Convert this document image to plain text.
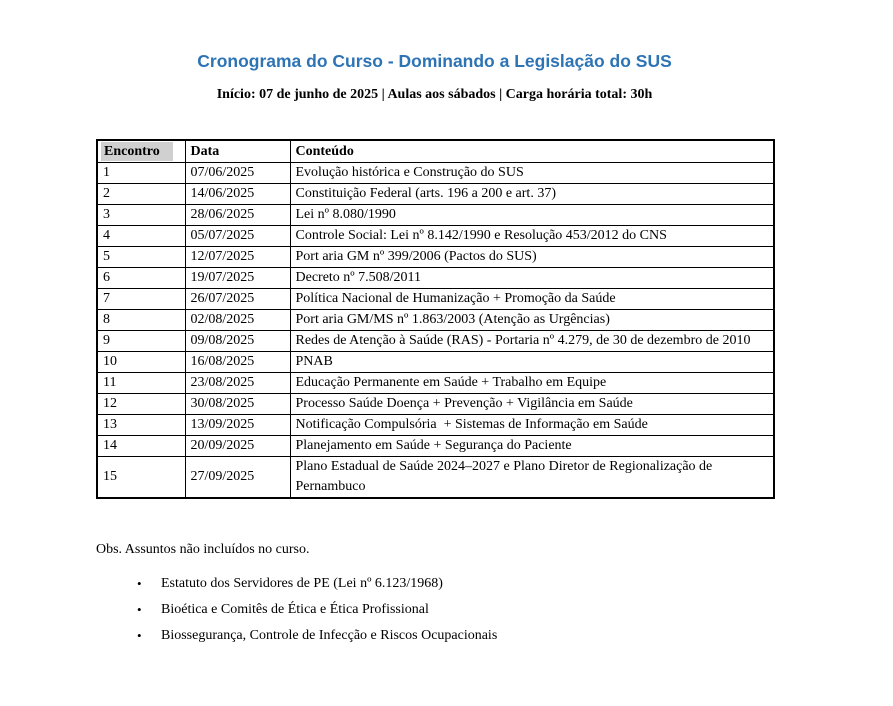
Cronograma do Curso - Dominando a Legislação do SUS

Início: 07 de junho de 2025 | Aulas aos sábados | Carga horária total: 30h

Encontro	Data	Conteúdo
1	07/06/2025	Evolução histórica e Construção do SUS
2	14/06/2025	Constituição Federal (arts. 196 a 200 e art. 37)
3	28/06/2025	Lei nº 8.080/1990
4	05/07/2025	Controle Social: Lei nº 8.142/1990 e Resolução 453/2012 do CNS
5	12/07/2025	Port aria GM nº 399/2006 (Pactos do SUS)
6	19/07/2025	Decreto nº 7.508/2011
7	26/07/2025	Política Nacional de Humanização + Promoção da Saúde
8	02/08/2025	Port aria GM/MS nº 1.863/2003 (Atenção as Urgências)
9	09/08/2025	Redes de Atenção à Saúde (RAS) - Portaria nº 4.279, de 30 de dezembro de 2010
10	16/08/2025	PNAB
11	23/08/2025	Educação Permanente em Saúde + Trabalho em Equipe
12	30/08/2025	Processo Saúde Doença + Prevenção + Vigilância em Saúde
13	13/09/2025	Notificação Compulsória  + Sistemas de Informação em Saúde
14	20/09/2025	Planejamento em Saúde + Segurança do Paciente
15	27/09/2025	Plano Estadual de Saúde 2024–2027 e Plano Diretor de Regionalização de Pernambuco

Obs. Assuntos não incluídos no curso.

•	Estatuto dos Servidores de PE (Lei nº 6.123/1968)
•	Bioética e Comitês de Ética e Ética Profissional
•	Biossegurança, Controle de Infecção e Riscos Ocupacionais
